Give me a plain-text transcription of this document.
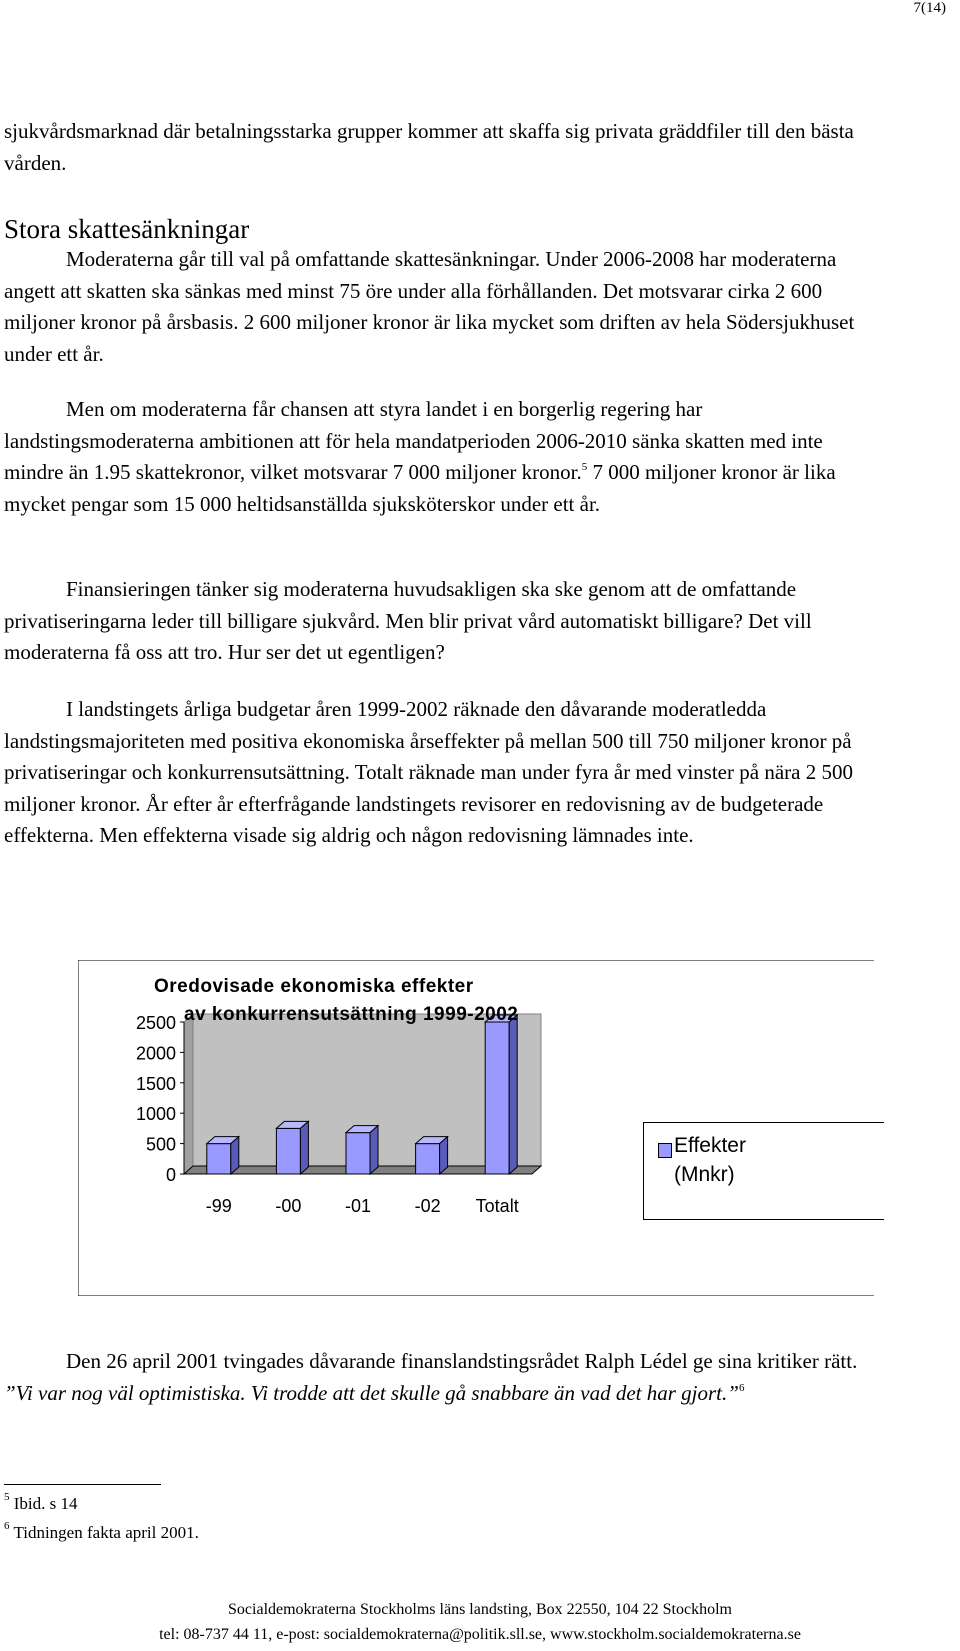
7(14)

sjukvårdsmarknad där betalningsstarka grupper kommer att skaffa sig privata gräddfiler till den bästa vården.

Stora skattesänkningar

Moderaterna går till val på omfattande skattesänkningar. Under 2006-2008 har moderaterna angett att skatten ska sänkas med minst 75 öre under alla förhållanden. Det motsvarar cirka 2 600 miljoner kronor på årsbasis. 2 600 miljoner kronor är lika mycket som driften av hela Södersjukhuset under ett år.

Men om moderaterna får chansen att styra landet i en borgerlig regering har landstingsmoderaterna ambitionen att för hela mandatperioden 2006-2010 sänka skatten med inte mindre än 1.95 skattekronor, vilket motsvarar 7 000 miljoner kronor.$^5$ 7 000 miljoner kronor är lika mycket pengar som 15 000 heltidsanställda sjuksköterskor under ett år.

Finansieringen tänker sig moderaterna huvudsakligen ska ske genom att de omfattande privatiseringarna leder till billigare sjukvård. Men blir privat vård automatiskt billigare? Det vill moderaterna få oss att tro. Hur ser det ut egentligen?

I landstingets årliga budgetar åren 1999-2002 räknade den dåvarande moderatledda landstingsmajoriteten med positiva ekonomiska årseffekter på mellan 500 till 750 miljoner kronor på privatiseringar och konkurrensutsättning. Totalt räknade man under fyra år med vinster på nära 2 500 miljoner kronor. År efter år efterfrågande landstingets revisorer en redovisning av de budgeterade effekterna. Men effekterna visade sig aldrig och någon redovisning lämnades inte.

0
500
1000
1500
2000
2500
-99 -00 -01 -02 Totalt
Oredovisade ekonomiska effekter
av konkurrensutsättning 1999-2002
Effekter
(Mnkr)

Den 26 april 2001 tvingades dåvarande finanslandstingsrådet Ralph Lédel ge sina kritiker rätt. ”Vi var nog väl optimistiska. Vi trodde att det skulle gå snabbare än vad det har gjort.”$^6$

$^5$ Ibid. s 14

$^6$ Tidningen fakta april 2001.

Socialdemokraterna Stockholms läns landsting, Box 22550, 104 22 Stockholm

tel: 08-737 44 11, e-post: socialdemokraterna@politik.sll.se, www.stockholm.socialdemokraterna.se
